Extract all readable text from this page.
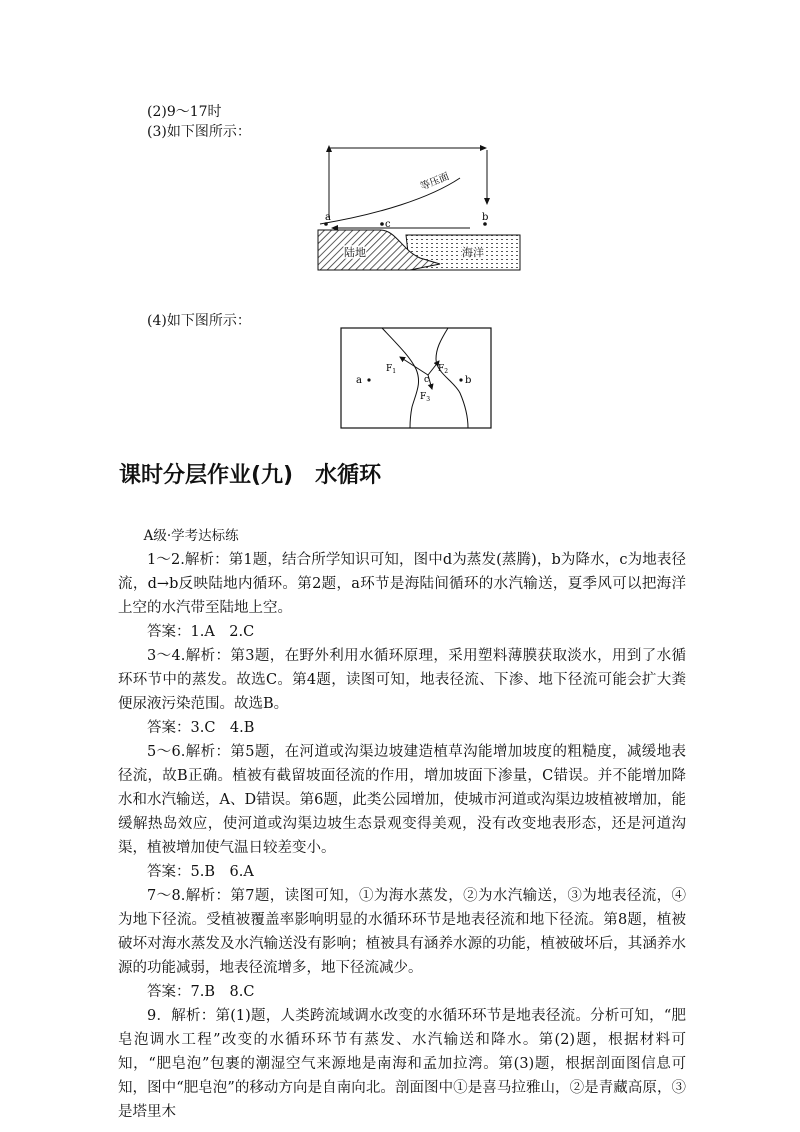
(2)9～17时
(3)如下图所示：
等压面
a
c
b
陆地	海洋
(4)如下图所示：
a	b
c
$F_1$	$F_2$
$F_3$
课时分层作业(九)　水循环

A级·学考达标练

1～2.解析：第1题，结合所学知识可知，图中d为蒸发(蒸腾)，b为降水，c为地表径流，d→b反映陆地内循环。第2题，a环节是海陆间循环的水汽输送，夏季风可以把海洋上空的水汽带至陆地上空。

答案：1.A　2.C

3～4.解析：第3题，在野外利用水循环原理，采用塑料薄膜获取淡水，用到了水循环环节中的蒸发。故选C。第4题，读图可知，地表径流、下渗、地下径流可能会扩大粪便尿液污染范围。故选B。

答案：3.C　4.B

5～6.解析：第5题，在河道或沟渠边坡建造植草沟能增加坡度的粗糙度，减缓地表径流，故B正确。植被有截留坡面径流的作用，增加坡面下渗量，C错误。并不能增加降水和水汽输送，A、D错误。第6题，此类公园增加，使城市河道或沟渠边坡植被增加，能缓解热岛效应，使河道或沟渠边坡生态景观变得美观，没有改变地表形态，还是河道沟渠，植被增加使气温日较差变小。

答案：5.B　6.A

7～8.解析：第7题，读图可知，①为海水蒸发，②为水汽输送，③为地表径流，④为地下径流。受植被覆盖率影响明显的水循环环节是地表径流和地下径流。第8题，植被破坏对海水蒸发及水汽输送没有影响；植被具有涵养水源的功能，植被破坏后，其涵养水源的功能减弱，地表径流增多，地下径流减少。

答案：7.B　8.C

9．解析：第(1)题，人类跨流域调水改变的水循环环节是地表径流。分析可知，“肥皂泡调水工程”改变的水循环环节有蒸发、水汽输送和降水。第(2)题，根据材料可知，“肥皂泡”包裹的潮湿空气来源地是南海和孟加拉湾。第(3)题，根据剖面图信息可知，图中“肥皂泡”的移动方向是自南向北。剖面图中①是喜马拉雅山，②是青藏高原，③是塔里木
